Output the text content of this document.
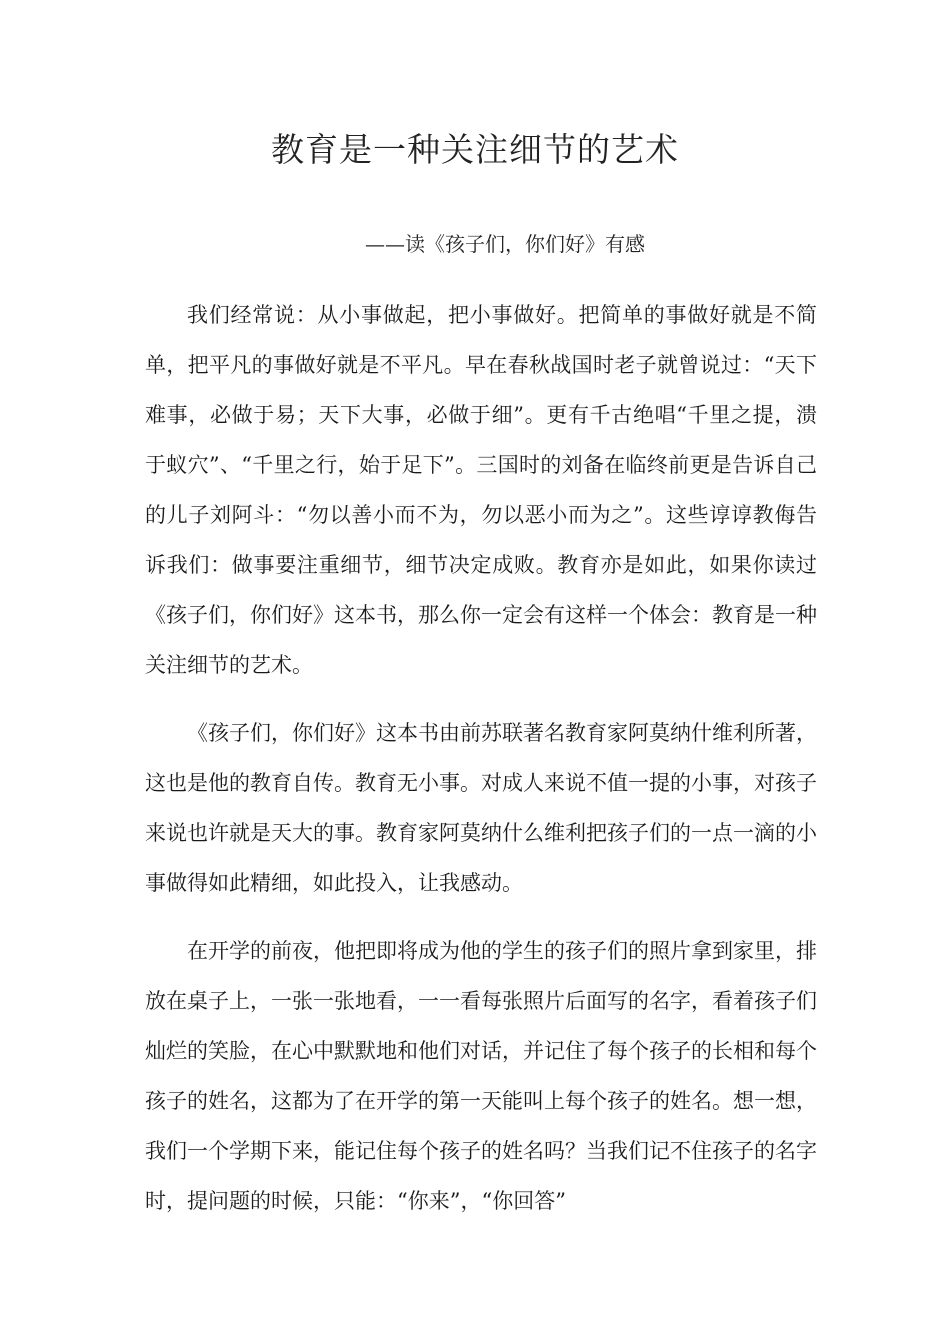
教育是一种关注细节的艺术
——读《孩子们，你们好》有感

我们经常说：从小事做起，把小事做好。把简单的事做好就是不简单，把平凡的事做好就是不平凡。早在春秋战国时老子就曾说过：“天下难事，必做于易；天下大事，必做于细”。更有千古绝唱“千里之提，溃于蚁穴”、“千里之行，始于足下”。三国时的刘备在临终前更是告诉自己的儿子刘阿斗：“勿以善小而不为，勿以恶小而为之”。这些谆谆教侮告诉我们：做事要注重细节，细节决定成败。教育亦是如此，如果你读过《孩子们，你们好》这本书，那么你一定会有这样一个体会：教育是一种关注细节的艺术。

《孩子们，你们好》这本书由前苏联著名教育家阿莫纳什维利所著，这也是他的教育自传。教育无小事。对成人来说不值一提的小事，对孩子来说也许就是天大的事。教育家阿莫纳什么维利把孩子们的一点一滴的小事做得如此精细，如此投入，让我感动。

在开学的前夜，他把即将成为他的学生的孩子们的照片拿到家里，排放在桌子上，一张一张地看，一一看每张照片后面写的名字，看着孩子们灿烂的笑脸，在心中默默地和他们对话，并记住了每个孩子的长相和每个孩子的姓名，这都为了在开学的第一天能叫上每个孩子的姓名。想一想，我们一个学期下来，能记住每个孩子的姓名吗？当我们记不住孩子的名字时，提问题的时候，只能：“你来”，“你回答”
